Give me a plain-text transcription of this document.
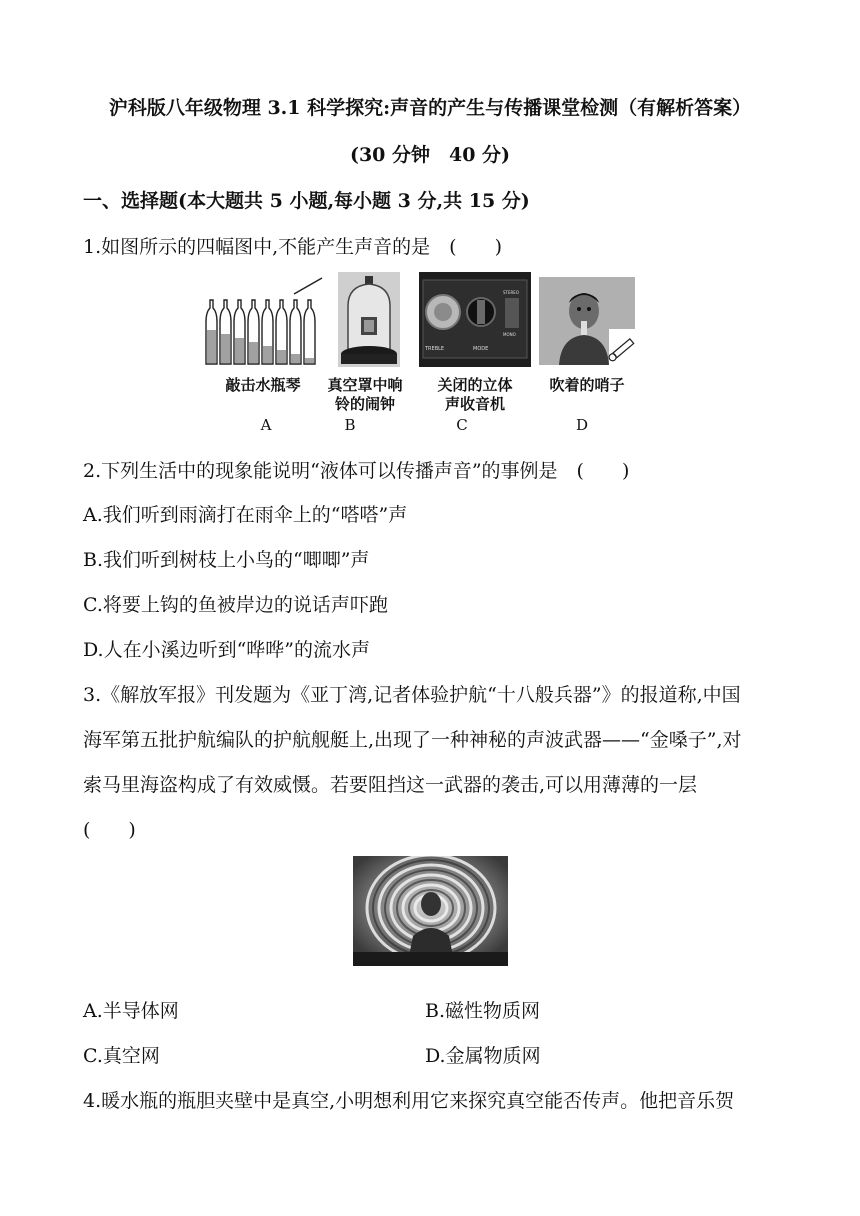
沪科版八年级物理 3.1 科学探究:声音的产生与传播课堂检测（有解析答案）
(30 分钟　40 分)
一、选择题(本大题共 5 小题,每小题 3 分,共 15 分)
1.如图所示的四幅图中,不能产生声音的是　(　　)
TREBLE	MODE
STEREO
MONO
敲击水瓶琴	真空罩中响
铃的闹钟
关闭的立体
声收音机
吹着的哨子
A	B	C	D
2.下列生活中的现象能说明“液体可以传播声音”的事例是　(　　)
A.我们听到雨滴打在雨伞上的“嗒嗒”声
B.我们听到树枝上小鸟的“唧唧”声
C.将要上钩的鱼被岸边的说话声吓跑
D.人在小溪边听到“哗哗”的流水声
3.《解放军报》刊发题为《亚丁湾,记者体验护航“十八般兵器”》的报道称,中国
海军第五批护航编队的护航舰艇上,出现了一种神秘的声波武器——“金嗓子”,对
索马里海盗构成了有效威慑。若要阻挡这一武器的袭击,可以用薄薄的一层
(　　)
A.半导体网	B.磁性物质网
C.真空网	D.金属物质网
4.暖水瓶的瓶胆夹壁中是真空,小明想利用它来探究真空能否传声。他把音乐贺
